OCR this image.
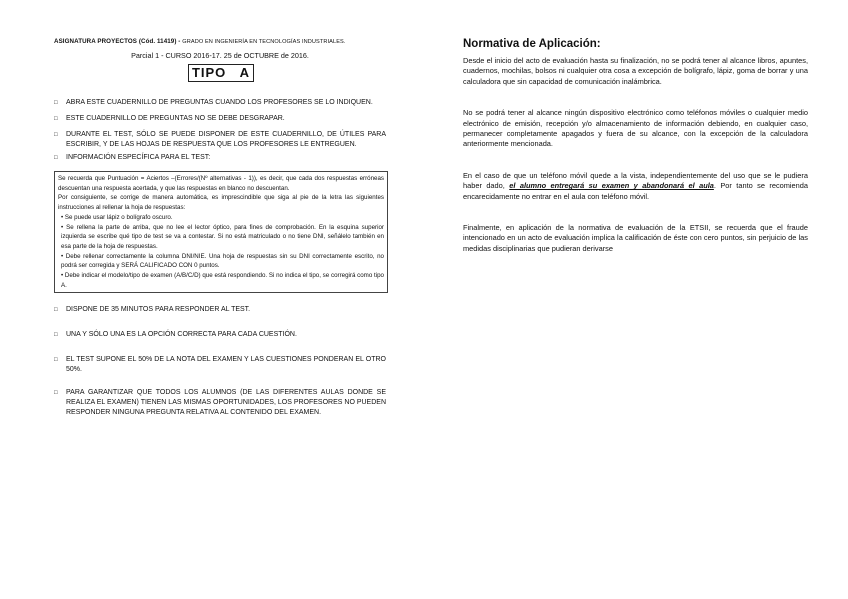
ASIGNATURA PROYECTOS (Cód. 11419) - GRADO EN INGENIERÍA EN TECNOLOGÍAS INDUSTRIALES.
Parcial 1 - CURSO 2016-17. 25 de OCTUBRE de 2016.
TIPO   A
□	ABRA ESTE CUADERNILLO DE PREGUNTAS CUANDO LOS PROFESORES SE LO INDIQUEN.
□	ESTE CUADERNILLO DE PREGUNTAS NO SE DEBE DESGRAPAR.
□	DURANTE EL TEST, SÓLO SE PUEDE DISPONER DE ESTE CUADERNILLO, DE ÚTILES PARA ESCRIBIR, Y DE LAS HOJAS DE RESPUESTA QUE LOS PROFESORES LE ENTREGUEN.
□	INFORMACIÓN ESPECÍFICA PARA EL TEST:

Se recuerda que Puntuación = Aciertos –(Errores/(Nº alternativas - 1)), es decir, que cada dos respuestas erróneas descuentan una respuesta acertada, y que las respuestas en blanco no descuentan.

Por consiguiente, se corrige de manera automática, es imprescindible que siga al pie de la letra las siguientes instrucciones al rellenar la hoja de respuestas:

• Se puede usar lápiz o bolígrafo oscuro.

• Se rellena la parte de arriba, que no lee el lector óptico, para fines de comprobación. En la esquina superior izquierda se escribe qué tipo de test se va a contestar. Si no está matriculado o no tiene DNI, señálelo también en esa parte de la hoja de respuestas.

• Debe rellenar correctamente la columna DNI/NIE. Una hoja de respuestas sin su DNI correctamente escrito, no podrá ser corregida y SERÁ CALIFICADO CON 0 puntos.

• Debe indicar el modelo/tipo de examen (A/B/C/D) que está respondiendo. Si no indica el tipo, se corregirá como tipo A.

□	DISPONE DE 35 MINUTOS PARA RESPONDER AL TEST.
□	UNA Y SÓLO UNA ES LA OPCIÓN CORRECTA PARA CADA CUESTIÓN.
□	EL TEST SUPONE EL 50% DE LA NOTA DEL EXAMEN Y LAS CUESTIONES PONDERAN EL OTRO 50%.
□	PARA GARANTIZAR QUE TODOS LOS ALUMNOS (DE LAS DIFERENTES AULAS DONDE SE REALIZA EL EXAMEN) TIENEN LAS MISMAS OPORTUNIDADES, LOS PROFESORES NO PUEDEN RESPONDER NINGUNA PREGUNTA RELATIVA AL CONTENIDO DEL EXAMEN.
Normativa de Aplicación:

Desde el inicio del acto de evaluación hasta su finalización, no se podrá tener al alcance libros, apuntes, cuadernos, mochilas, bolsos ni cualquier otra cosa a excepción de bolígrafo, lápiz, goma de borrar y una calculadora que sin capacidad de comunicación inalámbrica.

No se podrá tener al alcance ningún dispositivo electrónico como teléfonos móviles o cualquier medio electrónico de emisión, recepción y/o almacenamiento de información debiendo, en cualquier caso, permanecer completamente apagados y fuera de su alcance, con la excepción de la calculadora anteriormente mencionada.

En el caso de que un teléfono móvil quede a la vista, independientemente del uso que se le pudiera haber dado, el alumno entregará su examen y abandonará el aula. Por tanto se recomienda encarecidamente no entrar en el aula con teléfono móvil.

Finalmente, en aplicación de la normativa de evaluación de la ETSII, se recuerda que el fraude intencionado en un acto de evaluación implica la calificación de éste con cero puntos, sin perjuicio de las medidas disciplinarias que pudieran derivarse
